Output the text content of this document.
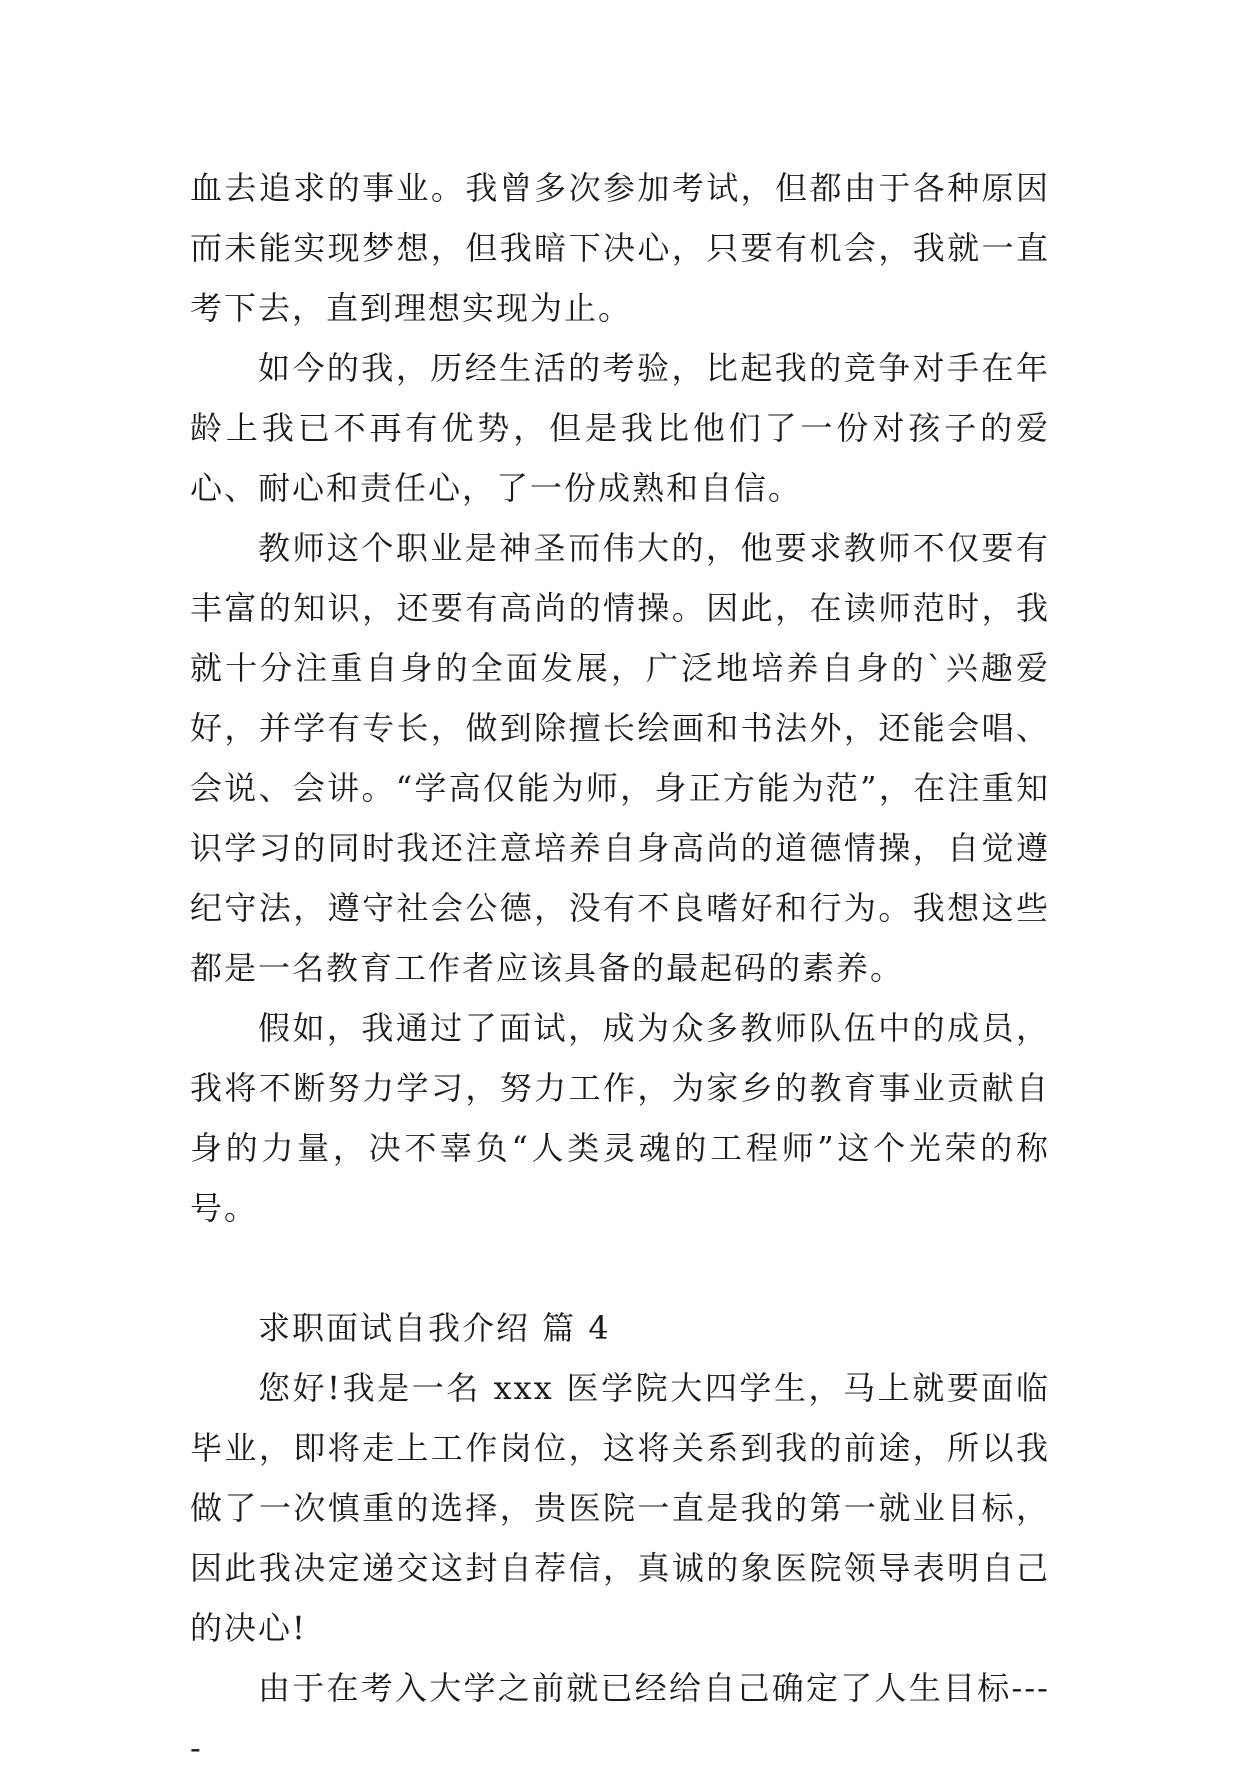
血去追求的事业。我曾多次参加考试，但都由于各种原因而未能实现梦想，但我暗下决心，只要有机会，我就一直考下去，直到理想实现为止。

如今的我，历经生活的考验，比起我的竞争对手在年龄上我已不再有优势，但是我比他们了一份对孩子的爱心、耐心和责任心，了一份成熟和自信。

教师这个职业是神圣而伟大的，他要求教师不仅要有丰富的知识，还要有高尚的情操。因此，在读师范时，我就十分注重自身的全面发展，广泛地培养自身的`兴趣爱好，并学有专长，做到除擅长绘画和书法外，还能会唱、会说、会讲。“学高仅能为师，身正方能为范”，在注重知识学习的同时我还注意培养自身高尚的道德情操，自觉遵纪守法，遵守社会公德，没有不良嗜好和行为。我想这些都是一名教育工作者应该具备的最起码的素养。

假如，我通过了面试，成为众多教师队伍中的成员，我将不断努力学习，努力工作，为家乡的教育事业贡献自身的力量，决不辜负“人类灵魂的工程师”这个光荣的称号。

求职面试自我介绍 篇 4

您好!我是一名 xxx 医学院大四学生，马上就要面临毕业，即将走上工作岗位，这将关系到我的前途，所以我做了一次慎重的选择，贵医院一直是我的第一就业目标，因此我决定递交这封自荐信，真诚的象医院领导表明自己的决心!

由于在考入大学之前就已经给自己确定了人生目标----
